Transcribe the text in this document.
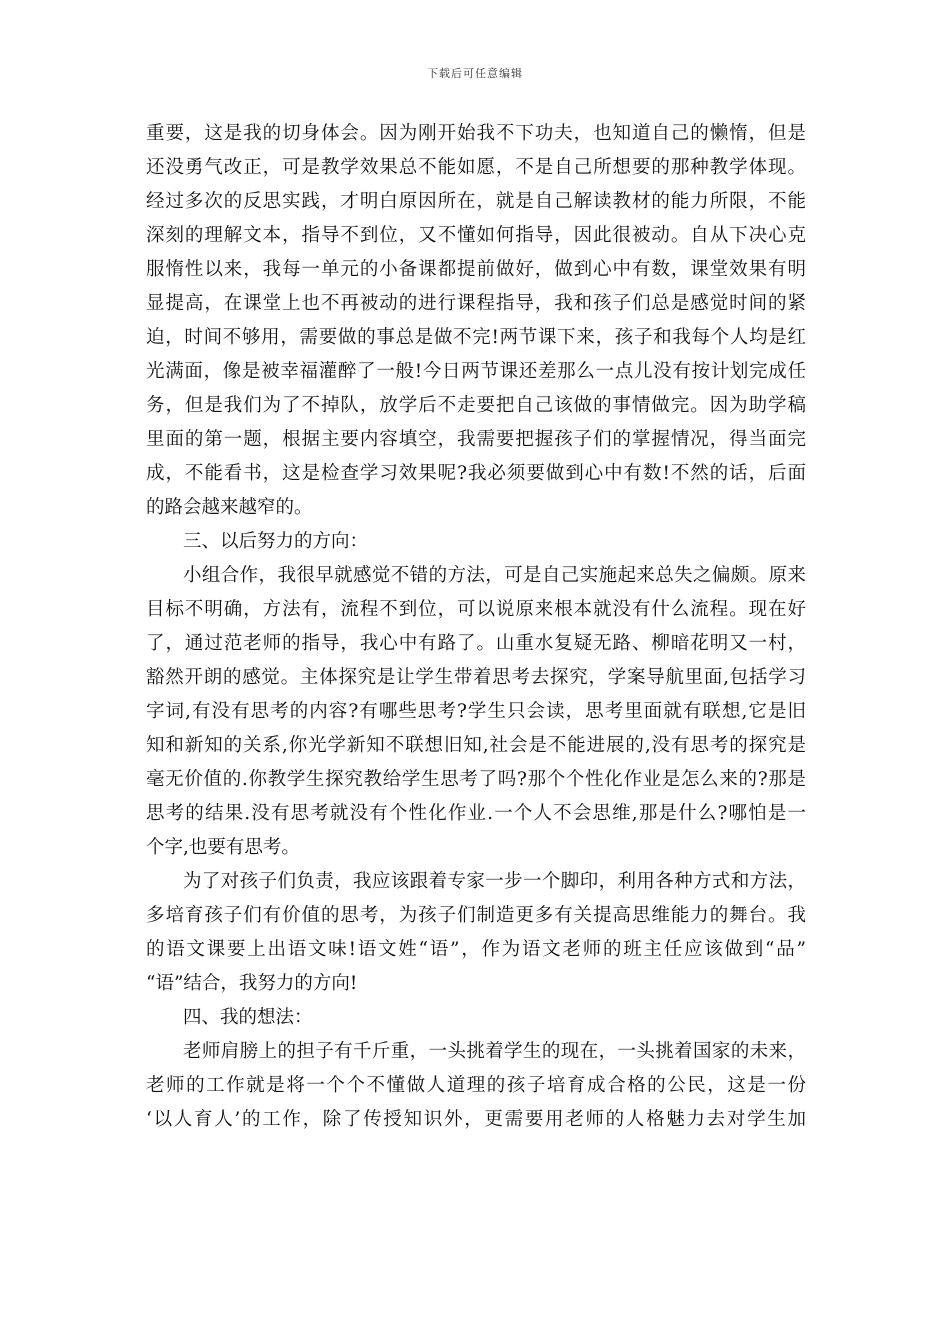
下载后可任意编辑
重要，这是我的切身体会。因为刚开始我不下功夫，也知道自己的懒惰，但是
还没勇气改正，可是教学效果总不能如愿，不是自己所想要的那种教学体现。
经过多次的反思实践，才明白原因所在，就是自己解读教材的能力所限，不能
深刻的理解文本，指导不到位，又不懂如何指导，因此很被动。自从下决心克
服惰性以来，我每一单元的小备课都提前做好，做到心中有数，课堂效果有明
显提高，在课堂上也不再被动的进行课程指导，我和孩子们总是感觉时间的紧
迫，时间不够用，需要做的事总是做不完!两节课下来，孩子和我每个人均是红
光满面，像是被幸福灌醉了一般!今日两节课还差那么一点儿没有按计划完成任
务，但是我们为了不掉队，放学后不走要把自己该做的事情做完。因为助学稿
里面的第一题，根据主要内容填空，我需要把握孩子们的掌握情况，得当面完
成，不能看书，这是检查学习效果呢?我必须要做到心中有数!不然的话，后面
的路会越来越窄的。
三、以后努力的方向：
小组合作，我很早就感觉不错的方法，可是自己实施起来总失之偏颇。原来
目标不明确，方法有，流程不到位，可以说原来根本就没有什么流程。现在好
了，通过范老师的指导，我心中有路了。山重水复疑无路、柳暗花明又一村，
豁然开朗的感觉。主体探究是让学生带着思考去探究，学案导航里面,包括学习
字词,有没有思考的内容?有哪些思考?学生只会读，思考里面就有联想,它是旧
知和新知的关系,你光学新知不联想旧知,社会是不能进展的,没有思考的探究是
毫无价值的.你教学生探究教给学生思考了吗?那个个性化作业是怎么来的?那是
思考的结果.没有思考就没有个性化作业.一个人不会思维,那是什么?哪怕是一
个字,也要有思考。
为了对孩子们负责，我应该跟着专家一步一个脚印，利用各种方式和方法，
多培育孩子们有价值的思考，为孩子们制造更多有关提高思维能力的舞台。我
的语文课要上出语文味!语文姓“语”，作为语文老师的班主任应该做到“品”
“语”结合，我努力的方向!
四、我的想法：
老师肩膀上的担子有千斤重，一头挑着学生的现在，一头挑着国家的未来，
老师的工作就是将一个个不懂做人道理的孩子培育成合格的公民，这是一份
‘以人育人’的工作，除了传授知识外，更需要用老师的人格魅力去对学生加
